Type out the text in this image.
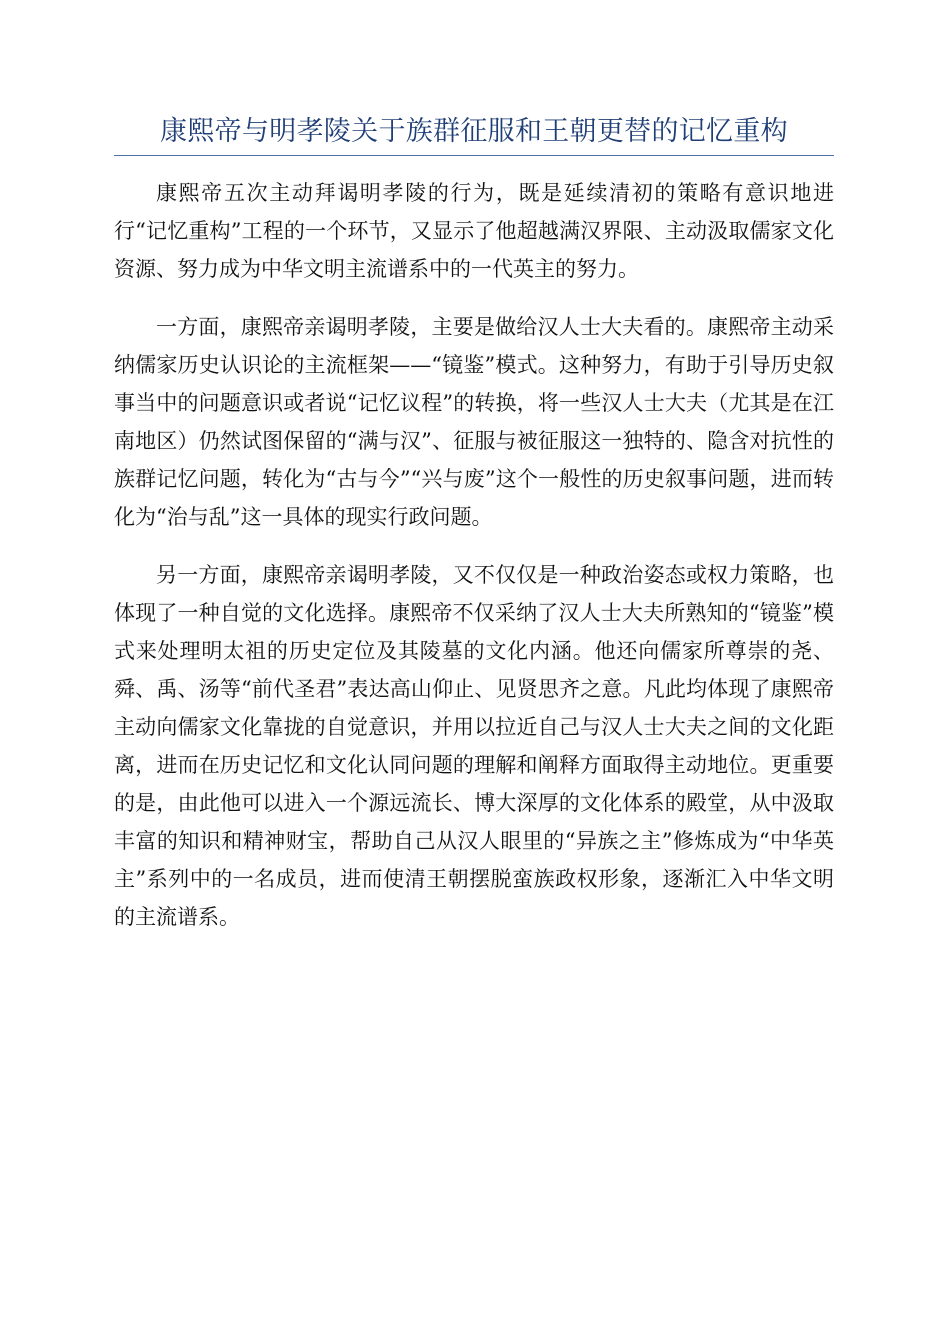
康熙帝与明孝陵关于族群征服和王朝更替的记忆重构

康熙帝五次主动拜谒明孝陵的行为，既是延续清初的策略有意识地进行“记忆重构”工程的一个环节，又显示了他超越满汉界限、主动汲取儒家文化资源、努力成为中华文明主流谱系中的一代英主的努力。

一方面，康熙帝亲谒明孝陵，主要是做给汉人士大夫看的。康熙帝主动采纳儒家历史认识论的主流框架——“镜鉴”模式。这种努力，有助于引导历史叙事当中的问题意识或者说“记忆议程”的转换，将一些汉人士大夫（尤其是在江南地区）仍然试图保留的“满与汉”、征服与被征服这一独特的、隐含对抗性的族群记忆问题，转化为“古与今”“兴与废”这个一般性的历史叙事问题，进而转化为“治与乱”这一具体的现实行政问题。

另一方面，康熙帝亲谒明孝陵，又不仅仅是一种政治姿态或权力策略，也体现了一种自觉的文化选择。康熙帝不仅采纳了汉人士大夫所熟知的“镜鉴”模式来处理明太祖的历史定位及其陵墓的文化内涵。他还向儒家所尊崇的尧、舜、禹、汤等“前代圣君”表达高山仰止、见贤思齐之意。凡此均体现了康熙帝主动向儒家文化靠拢的自觉意识，并用以拉近自己与汉人士大夫之间的文化距离，进而在历史记忆和文化认同问题的理解和阐释方面取得主动地位。更重要的是，由此他可以进入一个源远流长、博大深厚的文化体系的殿堂，从中汲取丰富的知识和精神财宝，帮助自己从汉人眼里的“异族之主”修炼成为“中华英主”系列中的一名成员，进而使清王朝摆脱蛮族政权形象，逐渐汇入中华文明的主流谱系。
